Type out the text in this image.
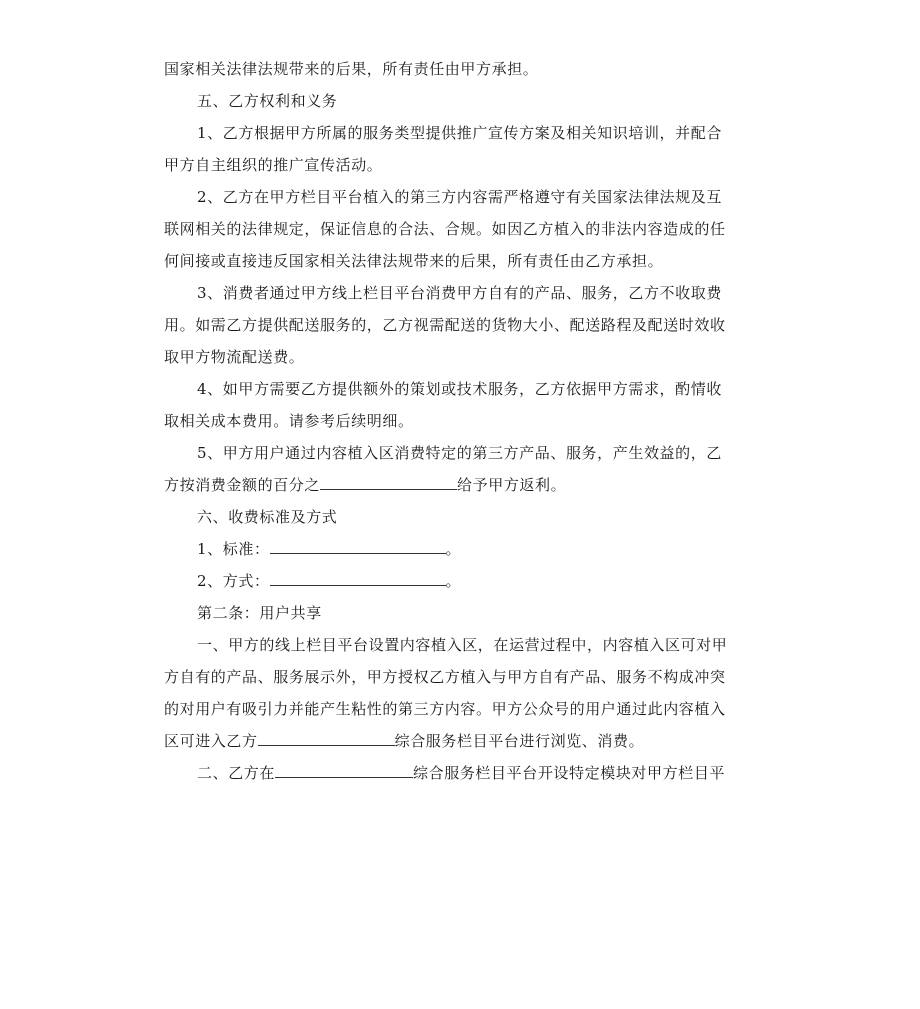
国家相关法律法规带来的后果，所有责任由甲方承担。
五、乙方权利和义务
1、乙方根据甲方所属的服务类型提供推广宣传方案及相关知识培训，并配合
甲方自主组织的推广宣传活动。
2、乙方在甲方栏目平台植入的第三方内容需严格遵守有关国家法律法规及互
联网相关的法律规定，保证信息的合法、合规。如因乙方植入的非法内容造成的任
何间接或直接违反国家相关法律法规带来的后果，所有责任由乙方承担。
3、消费者通过甲方线上栏目平台消费甲方自有的产品、服务，乙方不收取费
用。如需乙方提供配送服务的，乙方视需配送的货物大小、配送路程及配送时效收
取甲方物流配送费。
4、如甲方需要乙方提供额外的策划或技术服务，乙方依据甲方需求，酌情收
取相关成本费用。请参考后续明细。
5、甲方用户通过内容植入区消费特定的第三方产品、服务，产生效益的，乙
方按消费金额的百分之	给予甲方返利。
六、收费标准及方式
1、标准：	。
2、方式：	。
第二条：用户共享
一、甲方的线上栏目平台设置内容植入区，在运营过程中，内容植入区可对甲
方自有的产品、服务展示外，甲方授权乙方植入与甲方自有产品、服务不构成冲突
的对用户有吸引力并能产生粘性的第三方内容。甲方公众号的用户通过此内容植入
区可进入乙方	综合服务栏目平台进行浏览、消费。
二、乙方在	综合服务栏目平台开设特定模块对甲方栏目平
